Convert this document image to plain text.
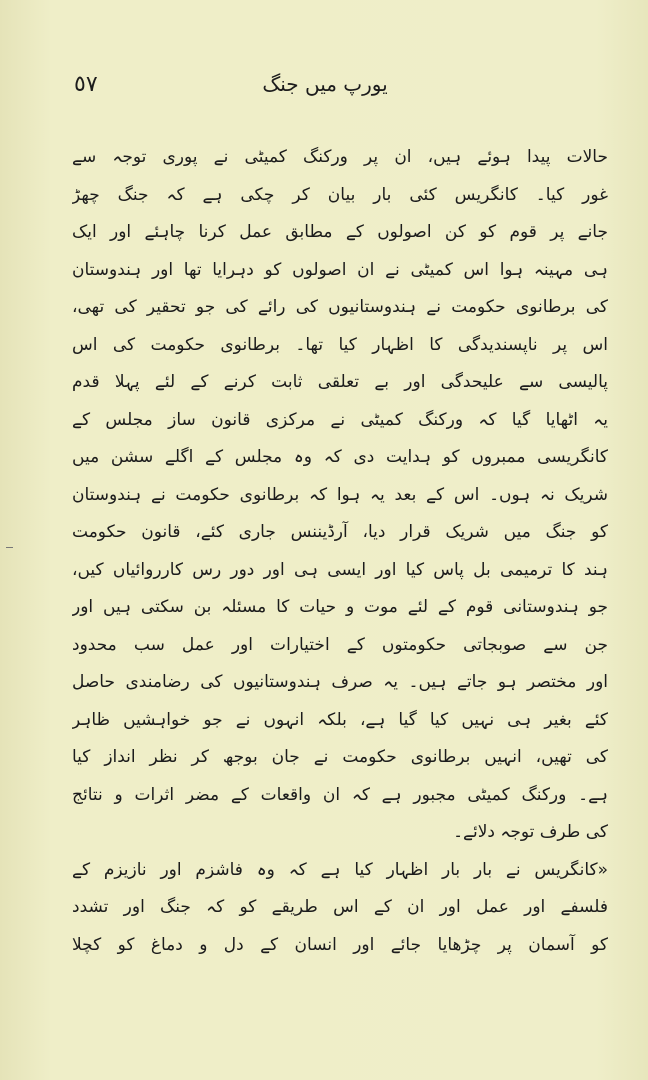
٥٧	یورپ میں جنگ
حالات پیدا ہوئے ہیں، ان پر ورکنگ کمیٹی نے پوری توجہ سے
غور کیا۔ کانگریس کئی بار بیان کر چکی ہے کہ جنگ چھڑ
جانے پر قوم کو کن اصولوں کے مطابق عمل کرنا چاہئے اور ایک
ہی مہینہ ہوا اس کمیٹی نے ان اصولوں کو دہرایا تھا اور ہندوستان
کی برطانوی حکومت نے ہندوستانیوں کی رائے کی جو تحقیر کی تھی،
اس پر ناپسندیدگی کا اظہار کیا تھا۔ برطانوی حکومت کی اس
پالیسی سے علیحدگی اور بے تعلقی ثابت کرنے کے لئے پہلا قدم
یہ اٹھایا گیا کہ ورکنگ کمیٹی نے مرکزی قانون ساز مجلس کے
کانگریسی ممبروں کو ہدایت دی کہ وہ مجلس کے اگلے سشن میں
شریک نہ ہوں۔ اس کے بعد یہ ہوا کہ برطانوی حکومت نے ہندوستان
کو جنگ میں شریک قرار دیا، آرڈیننس جاری کئے، قانون حکومت
ہند کا ترمیمی بل پاس کیا اور ایسی ہی اور دور رس کارروائیاں کیں،
جو ہندوستانی قوم کے لئے موت و حیات کا مسئلہ بن سکتی ہیں اور
جن سے صوبجاتی حکومتوں کے اختیارات اور عمل سب محدود
اور مختصر ہو جاتے ہیں۔ یہ صرف ہندوستانیوں کی رضامندی حاصل
کئے بغیر ہی نہیں کیا گیا ہے، بلکہ انہوں نے جو خواہشیں ظاہر
کی تھیں، انہیں برطانوی حکومت نے جان بوجھ کر نظر انداز کیا
ہے۔ ورکنگ کمیٹی مجبور ہے کہ ان واقعات کے مضر اثرات و نتائج
کی طرف توجہ دلائے۔
«کانگریس نے بار بار اظہار کیا ہے کہ وہ فاشزم اور نازیزم کے
فلسفے اور عمل اور ان کے اس طریقے کو کہ جنگ اور تشدد
کو آسمان پر چڑھایا جائے اور انسان کے دل و دماغ کو کچلا
